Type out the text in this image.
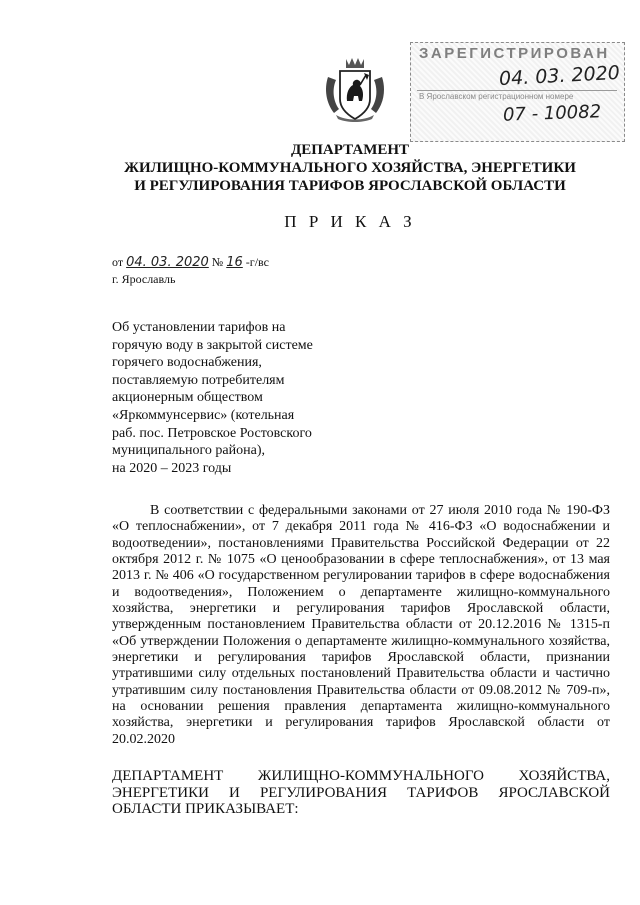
ЗАРЕГИСТРИРОВАН
04. 03. 2020
В Ярославском регистрационном номере
07 - 10082
ДЕПАРТАМЕНТ
ЖИЛИЩНО-КОММУНАЛЬНОГО ХОЗЯЙСТВА, ЭНЕРГЕТИКИ
И РЕГУЛИРОВАНИЯ ТАРИФОВ ЯРОСЛАВСКОЙ ОБЛАСТИ
П Р И К А З
от 04. 03. 2020 № 16 -г/вс
г. Ярославль
Об установлении тарифов на
горячую воду в закрытой системе
горячего водоснабжения,
поставляемую потребителям
акционерным обществом
«Яркоммунсервис» (котельная
раб. пос. Петровское Ростовского
муниципального района),
на 2020 – 2023 годы
В соответствии с федеральными законами от 27 июля 2010 года № 190-ФЗ «О теплоснабжении», от 7 декабря 2011 года № 416-ФЗ «О водоснабжении и водоотведении», постановлениями Правительства Российской Федерации от 22 октября 2012 г. № 1075 «О ценообразовании в сфере теплоснабжения», от 13 мая 2013 г. № 406 «О государственном регулировании тарифов в сфере водоснабжения и водоотведения», Положением о департаменте жилищно-коммунального хозяйства, энергетики и регулирования тарифов Ярославской области, утвержденным постановлением Правительства области от 20.12.2016 № 1315-п «Об утверждении Положения о департаменте жилищно-коммунального хозяйства, энергетики и регулирования тарифов Ярославской области, признании утратившими силу отдельных постановлений Правительства области и частично утратившим силу постановления Правительства области от 09.08.2012 № 709-п», на основании решения правления департамента жилищно-коммунального хозяйства, энергетики и регулирования тарифов Ярославской области от 20.02.2020
ДЕПАРТАМЕНТ ЖИЛИЩНО-КОММУНАЛЬНОГО ХОЗЯЙСТВА, ЭНЕРГЕТИКИ И РЕГУЛИРОВАНИЯ ТАРИФОВ ЯРОСЛАВСКОЙ
ОБЛАСТИ ПРИКАЗЫВАЕТ:
